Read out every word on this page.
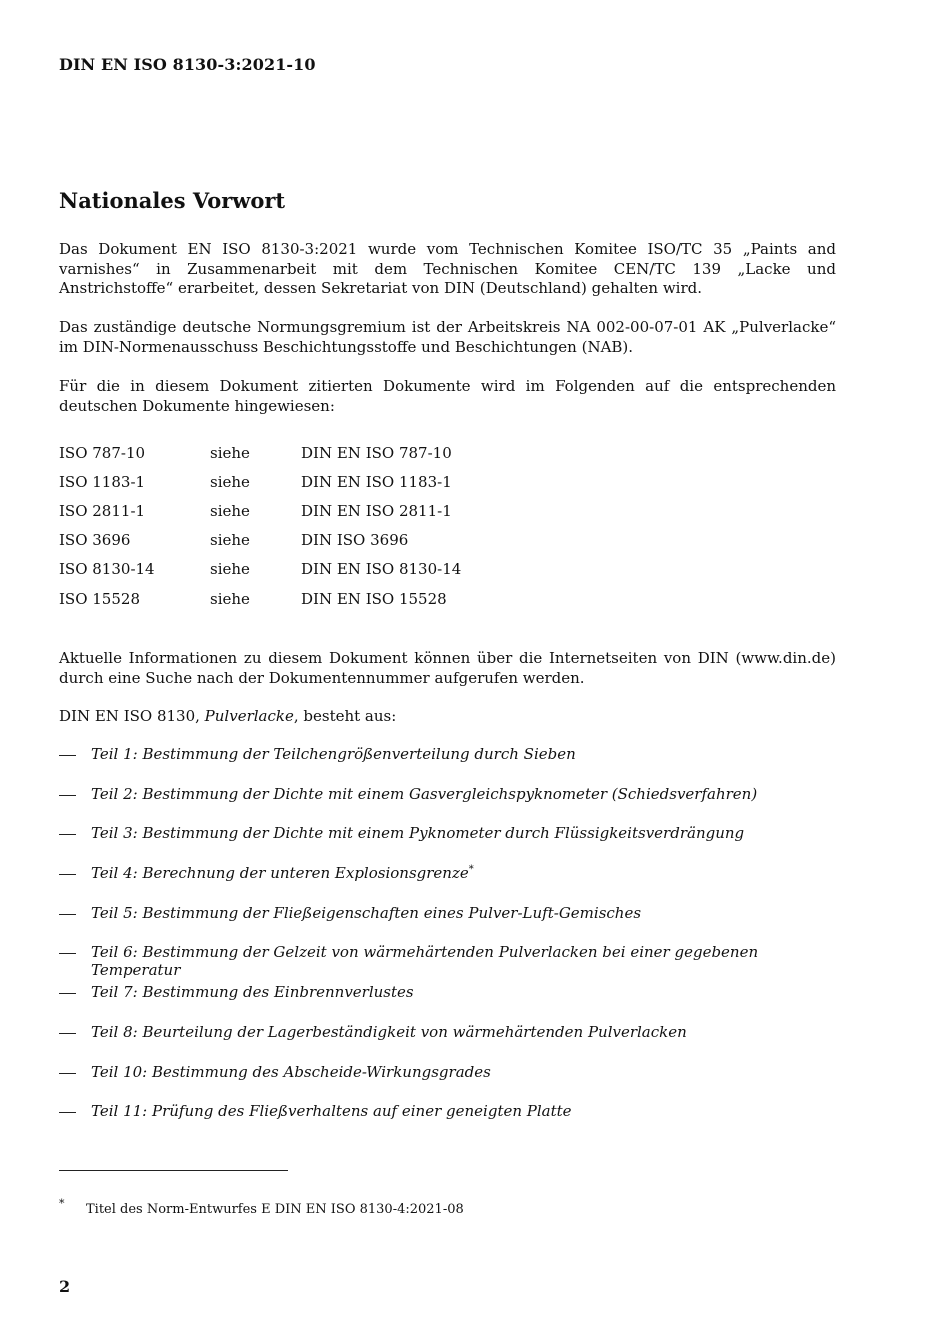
DIN EN ISO 8130-3:2021-10
Nationales Vorwort

Das Dokument EN ISO 8130-3:2021 wurde vom Technischen Komitee ISO/TC 35 „Paints and varnishes“ in Zusammenarbeit mit dem Technischen Komitee CEN/TC 139 „Lacke und Anstrichstoffe“ erarbeitet, dessen Sekretariat von DIN (Deutschland) gehalten wird.

Das zuständige deutsche Normungsgremium ist der Arbeitskreis NA 002-00-07-01 AK „Pulverlacke“ im DIN-Normenausschuss Beschichtungsstoffe und Beschichtungen (NAB).

Für die in diesem Dokument zitierten Dokumente wird im Folgenden auf die entsprechenden deutschen Dokumente hingewiesen:

ISO 787-10	siehe	DIN EN ISO 787-10
ISO 1183-1	siehe	DIN EN ISO 1183-1
ISO 2811-1	siehe	DIN EN ISO 2811-1
ISO 3696	siehe	DIN ISO 3696
ISO 8130-14	siehe	DIN EN ISO 8130-14
ISO 15528	siehe	DIN EN ISO 15528

Aktuelle Informationen zu diesem Dokument können über die Internetseiten von DIN (www.din.de) durch eine Suche nach der Dokumentennummer aufgerufen werden.

DIN EN ISO 8130, Pulverlacke, besteht aus:

Teil 1: Bestimmung der Teilchengrößenverteilung durch Sieben
Teil 2: Bestimmung der Dichte mit einem Gasvergleichspyknometer (Schiedsverfahren)
Teil 3: Bestimmung der Dichte mit einem Pyknometer durch Flüssigkeitsverdrängung
Teil 4: Berechnung der unteren Explosionsgrenze*
Teil 5: Bestimmung der Fließeigenschaften eines Pulver-Luft-Gemisches
Teil 6: Bestimmung der Gelzeit von wärmehärtenden Pulverlacken bei einer gegebenen Temperatur
Teil 7: Bestimmung des Einbrennverlustes
Teil 8: Beurteilung der Lagerbeständigkeit von wärmehärtenden Pulverlacken
Teil 10: Bestimmung des Abscheide-Wirkungsgrades
Teil 11: Prüfung des Fließverhaltens auf einer geneigten Platte
* Titel des Norm-Entwurfes E DIN EN ISO 8130-4:2021-08
2
